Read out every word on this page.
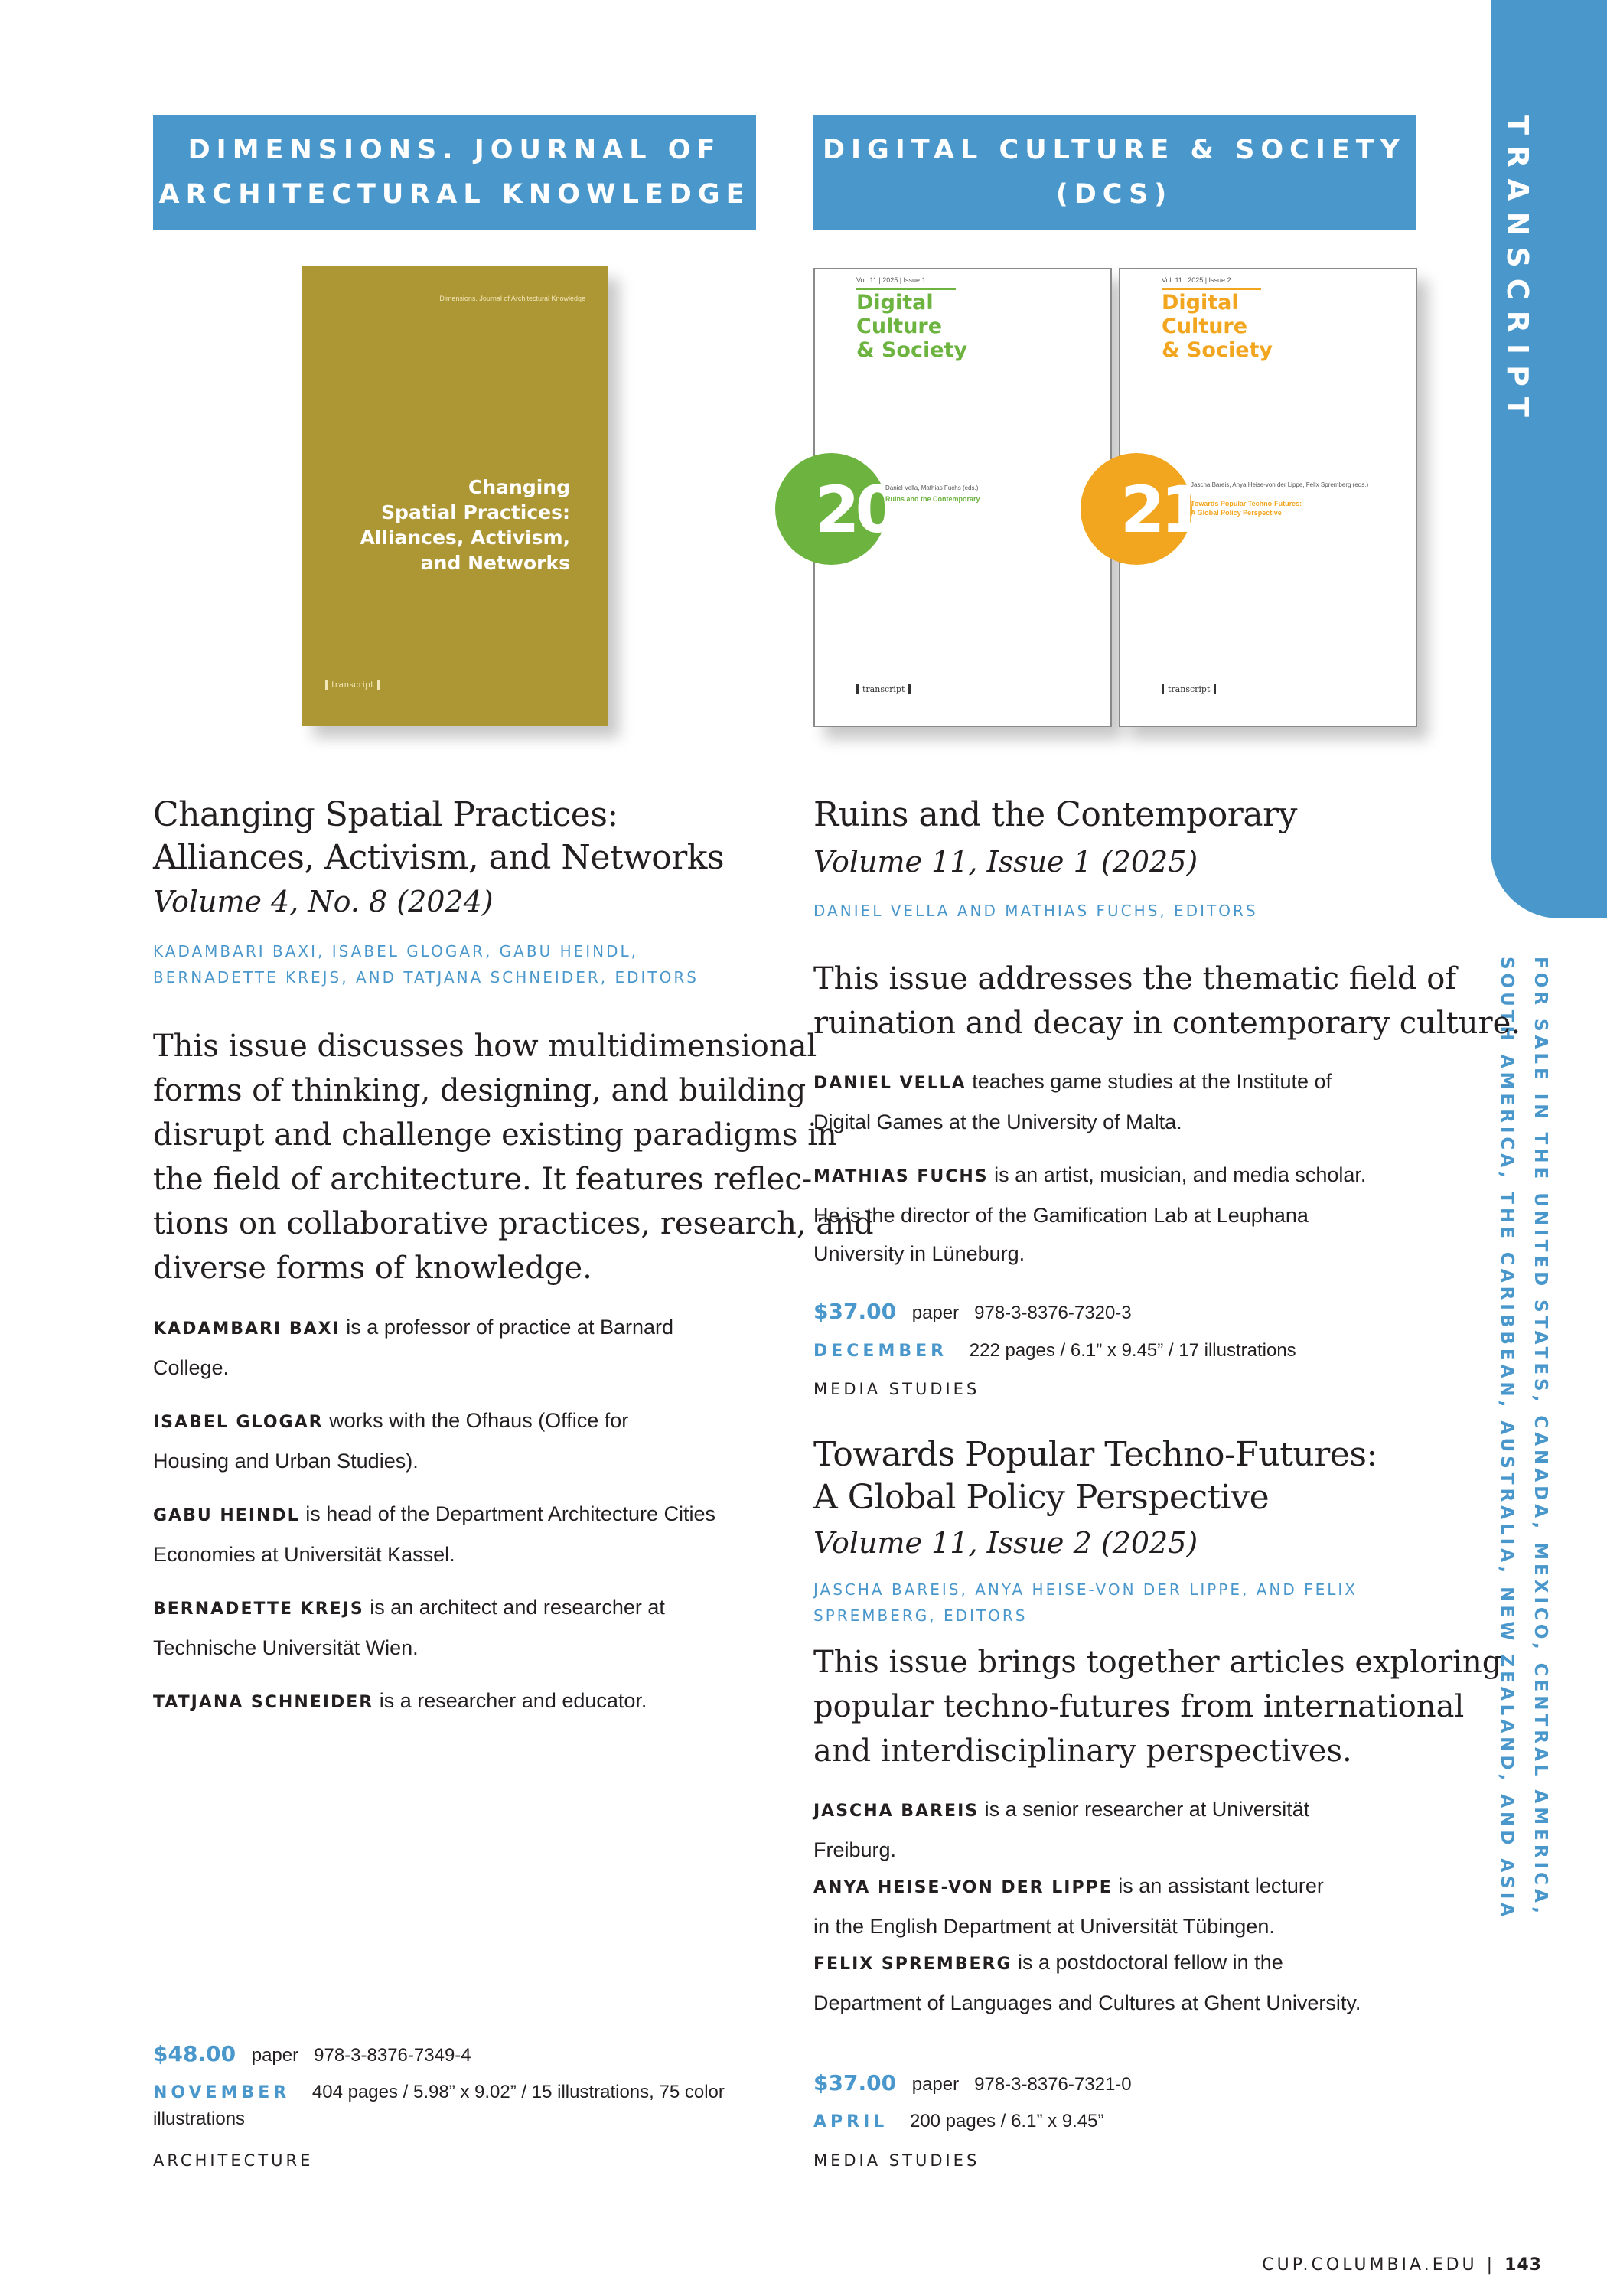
TRANSCRIPT PUBLISHING
FOR SALE IN THE UNITED STATES, CANADA, MEXICO, CENTRAL AMERICA, SOUTH AMERICA, THE CARIBBEAN, AUSTRALIA, NEW ZEALAND, AND ASIA
DIMENSIONS. JOURNAL OF
ARCHITECTURAL KNOWLEDGE
Dimensions. Journal of Architectural Knowledge
Changing
Spatial Practices:
Alliances, Activism,
and Networks
transcript
Changing Spatial Practices:
Alliances, Activism, and Networks
Volume 4, No. 8 (2024)
KADAMBARI BAXI, ISABEL GLOGAR, GABU HEINDL,
BERNADETTE KREJS, AND TATJANA SCHNEIDER, EDITORS
This issue discusses how multidimensional
forms of thinking, designing, and building
disrupt and challenge existing paradigms in
the field of architecture. It features reflec-
tions on collaborative practices, research, and
diverse forms of knowledge.
KADAMBARI BAXI is a professor of practice at Barnard
College.
ISABEL GLOGAR works with the Ofhaus (Office for
Housing and Urban Studies).
GABU HEINDL is head of the Department Architecture Cities
Economies at Universität Kassel.
BERNADETTE KREJS is an architect and researcher at
Technische Universität Wien.
TATJANA SCHNEIDER is a researcher and educator.
$48.00 paper 978-3-8376-7349-4
NOVEMBER 404 pages / 5.98” x 9.02” / 15 illustrations, 75 color
illustrations
ARCHITECTURE
DIGITAL CULTURE & SOCIETY
(DCS)
Vol. 11 | 2025 | Issue 1
Digital
Culture
& Society
20
Daniel Vella, Mathias Fuchs (eds.)
Ruins and the Contemporary
transcript
Vol. 11 | 2025 | Issue 2
Digital
Culture
& Society
21
Jascha Bareis, Anya Heise-von der Lippe, Felix Spremberg (eds.)
Towards Popular Techno-Futures:
A Global Policy Perspective
transcript
Ruins and the Contemporary
Volume 11, Issue 1 (2025)
DANIEL VELLA AND MATHIAS FUCHS, EDITORS
This issue addresses the thematic field of
ruination and decay in contemporary culture.
DANIEL VELLA teaches game studies at the Institute of
Digital Games at the University of Malta.
MATHIAS FUCHS is an artist, musician, and media scholar.
He is the director of the Gamification Lab at Leuphana
University in Lüneburg.
$37.00 paper 978-3-8376-7320-3
DECEMBER 222 pages / 6.1” x 9.45” / 17 illustrations
MEDIA STUDIES
Towards Popular Techno-Futures:
A Global Policy Perspective
Volume 11, Issue 2 (2025)
JASCHA BAREIS, ANYA HEISE-VON DER LIPPE, AND FELIX
SPREMBERG, EDITORS
This issue brings together articles exploring
popular techno-futures from international
and interdisciplinary perspectives.
JASCHA BAREIS is a senior researcher at Universität
Freiburg.
ANYA HEISE-VON DER LIPPE is an assistant lecturer
in the English Department at Universität Tübingen.
FELIX SPREMBERG is a postdoctoral fellow in the
Department of Languages and Cultures at Ghent University.
$37.00 paper 978-3-8376-7321-0
APRIL 200 pages / 6.1” x 9.45”
MEDIA STUDIES
CUP.COLUMBIA.EDU | 143
